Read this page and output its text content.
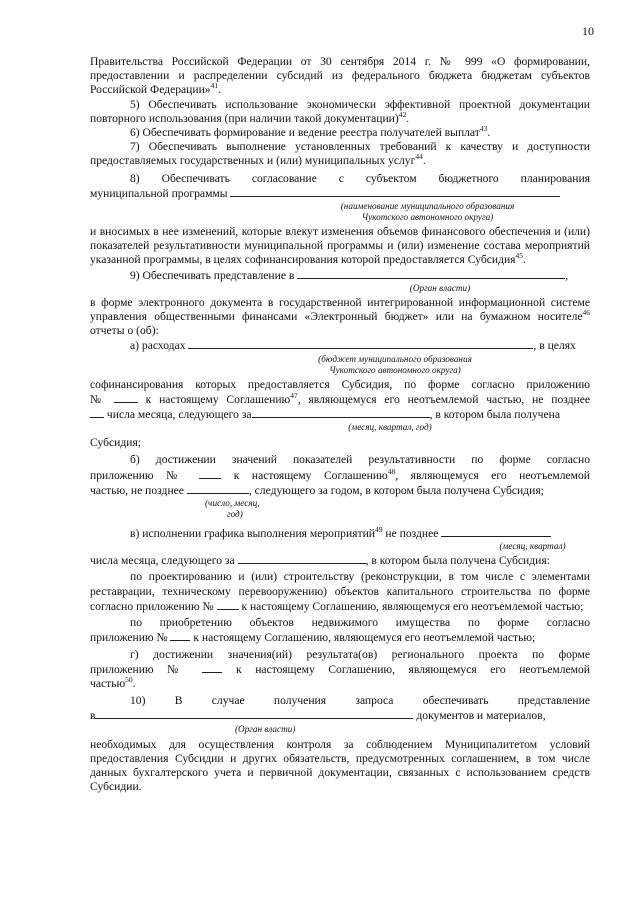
10

Правительства Российской Федерации от 30 сентября 2014 г. № 999 «О формировании, предоставлении и распределении субсидий из федерального бюджета бюджетам субъектов Российской Федерации»$^{41}$.

5) Обеспечивать использование экономически эффективной проектной документации повторного использования (при наличии такой документации)$^{42}$.

6) Обеспечивать формирование и ведение реестра получателей выплат$^{43}$.

7) Обеспечивать выполнение установленных требований к качеству и доступности предоставляемых государственных и (или) муниципальных услуг$^{44}$.

8) Обеспечивать согласование с субъектом бюджетного планирования

муниципальной программы

(наименование муниципального образования
Чукотского автономного округа)

и вносимых в нее изменений, которые влекут изменения объемов финансового обеспечения и (или) показателей результативности муниципальной программы и (или) изменение состава мероприятий указанной программы, в целях софинансирования которой предоставляется Субсидия$^{45}$.

9) Обеспечивать представление в	,

(Орган власти)

в форме электронного документа в государственной интегрированной информационной системе управления общественными финансами «Электронный бюджет» или на бумажном носителе$^{46}$ отчеты о (об):

а) расходах	, в целях

(бюджет муниципального образования
Чукотского автономного округа)

софинансирования которых предоставляется Субсидия, по форме согласно приложению

№	к настоящему Соглашению$^{47}$, являющемуся его неотъемлемой частью, не позднее

числа месяца, следующего за	, в котором была получена

(месяц, квартал, год)

Субсидия;

б) достижении значений показателей результативности по форме согласно

приложению №	к настоящему Соглашению$^{48}$, являющемуся его неотъемлемой

частью, не позднее	, следующего за годом, в котором была получена Субсидия;

(число, месяц,
год)

в) исполнении графика выполнения мероприятий$^{49}$ не позднее

(месяц, квартал)

числа месяца, следующего за	, в котором была получена Субсидия:

по проектированию и (или) строительству (реконструкции, в том числе с элементами реставрации, техническому перевооружению) объектов капитального строительства по форме согласно приложению № к настоящему Соглашению, являющемуся его неотъемлемой частью;

по приобретению объектов недвижимого имущества по форме согласно

приложению № к настоящему Соглашению, являющемуся его неотъемлемой частью;

г) достижении значения(ий) результата(ов) регионального проекта по форме

приложению №	к настоящему Соглашению, являющемуся его неотъемлемой

частью$^{50}$.

10) В случае получения запроса обеспечивать представление

в	документов и материалов,

(Орган власти)

необходимых для осуществления контроля за соблюдением Муниципалитетом условий предоставления Субсидии и других обязательств, предусмотренных соглашением, в том числе данных бухгалтерского учета и первичной документации, связанных с использованием средств Субсидии.
